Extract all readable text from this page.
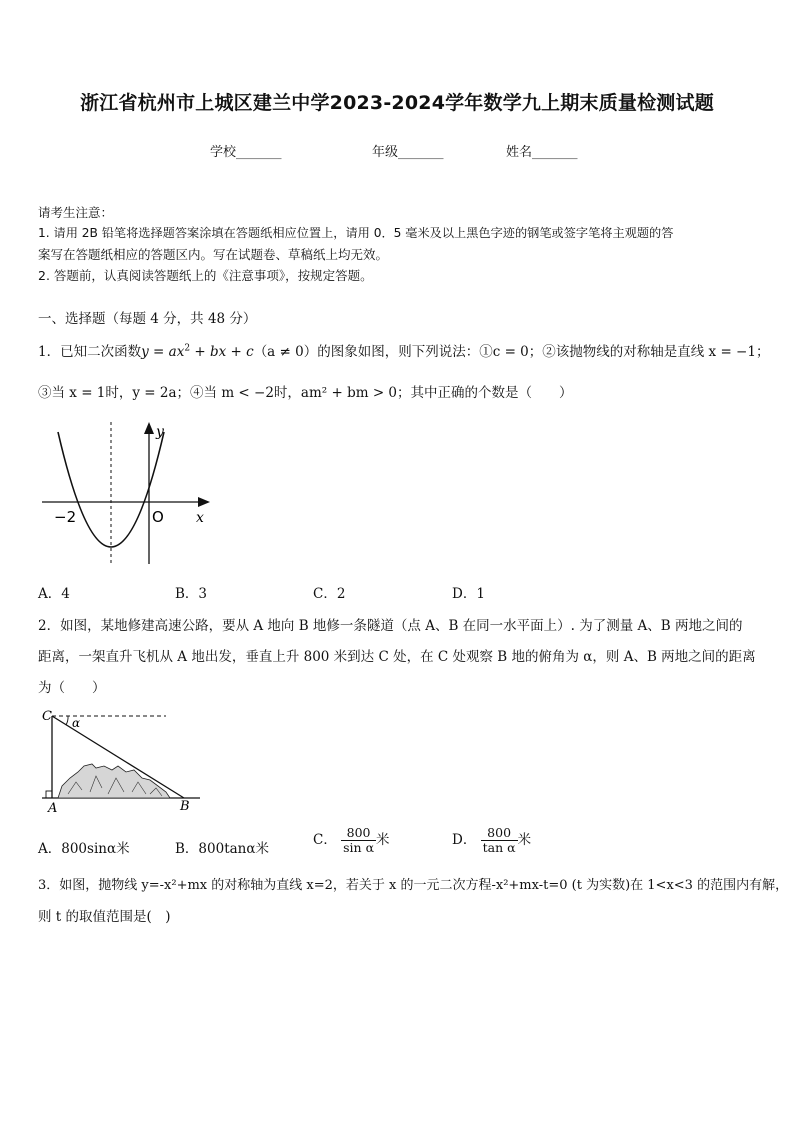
浙江省杭州市上城区建兰中学2023-2024学年数学九上期末质量检测试题
学校_______	年级_______	姓名_______
请考生注意：
1. 请用 2B 铅笔将选择题答案涂填在答题纸相应位置上，请用 0．5 毫米及以上黑色字迹的钢笔或签字笔将主观题的答
案写在答题纸相应的答题区内。写在试题卷、草稿纸上均无效。
2. 答题前，认真阅读答题纸上的《注意事项》，按规定答题。
一、选择题（每题 4 分，共 48 分）
1．已知二次函数$y = ax^2$ + bx + c（a ≠ 0）的图象如图，则下列说法：①c = 0；②该抛物线的对称轴是直线 x = −1；
③当 x = 1时，y = 2a；④当 m < −2时，am² + bm > 0；其中正确的个数是（　　）
y
x
O
−2
A．4	B．3	C．2	D．1
2．如图，某地修建高速公路，要从 A 地向 B 地修一条隧道（点 A、B 在同一水平面上）. 为了测量 A、B 两地之间的
距离，一架直升飞机从 A 地出发，垂直上升 800 米到达 C 处，在 C 处观察 B 地的俯角为 α，则 A、B 两地之间的距离
为（　　）
C
A	B
α
A．800sinα米	B．800tanα米
C． $\frac{800}{\text{sin α}}$ 米	D． $\frac{800}{\text{tan α}}$ 米
3．如图，抛物线 y=-x²+mx 的对称轴为直线 x=2，若关于 x 的一元二次方程-x²+mx-t=0 (t 为实数)在 1<x<3 的范围内有解，
则 t 的取值范围是(　)
